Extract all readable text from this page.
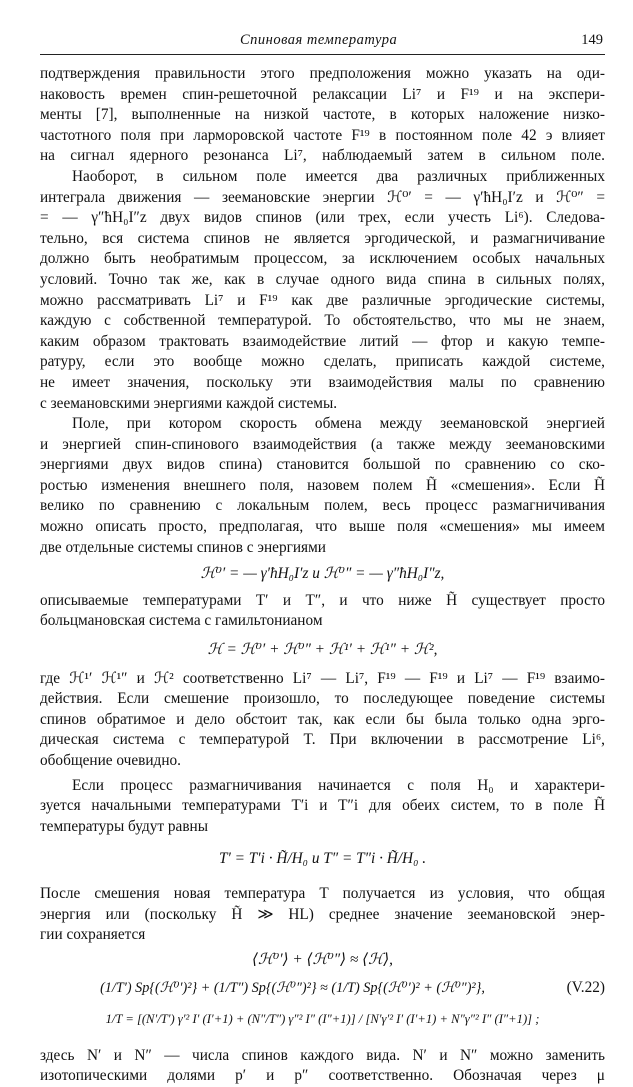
Спиновая температура	149
подтверждения правильности этого предположения можно указать на оди-
наковость времен спин-решеточной релаксации Li⁷ и F¹⁹ и на экспери-
менты [7], выполненные на низкой частоте, в которых наложение низко-
частотного поля при ларморовской частоте F¹⁹ в постоянном поле 42 э влияет
на сигнал ядерного резонанса Li⁷, наблюдаемый затем в сильном поле.
Наоборот, в сильном поле имеется два различных приближенных
интеграла движения — зеемановские энергии ℋ⁰′ = — γ′ħH₀I′z и ℋ⁰″ =
= — γ″ħH₀I″z двух видов спинов (или трех, если учесть Li⁶). Следова-
тельно, вся система спинов не является эргодической, и размагничивание
должно быть необратимым процессом, за исключением особых начальных
условий. Точно так же, как в случае одного вида спина в сильных полях,
можно рассматривать Li⁷ и F¹⁹ как две различные эргодические системы,
каждую с собственной температурой. То обстоятельство, что мы не знаем,
каким образом трактовать взаимодействие литий — фтор и какую темпе-
ратуру, если это вообще можно сделать, приписать каждой системе,
не имеет значения, поскольку эти взаимодействия малы по сравнению
с зеемановскими энергиями каждой системы.
Поле, при котором скорость обмена между зеемановской энергией
и энергией спин-спинового взаимодействия (а также между зеемановскими
энергиями двух видов спина) становится большой по сравнению со ско-
ростью изменения внешнего поля, назовем полем H̃ «смешения». Если H̃
велико по сравнению с локальным полем, весь процесс размагничивания
можно описать просто, предполагая, что выше поля «смешения» мы имеем
две отдельные системы спинов с энергиями
ℋ⁰′ = — γ′ħH₀I′z и ℋ⁰″ = — γ″ħH₀I″z,
описываемые температурами T′ и T″, и что ниже H̃ существует просто
больцмановская система с гамильтонианом
ℋ = ℋ⁰′ + ℋ⁰″ + ℋ¹′ + ℋ¹″ + ℋ²,
где ℋ¹′ ℋ¹″ и ℋ² соответственно Li⁷ — Li⁷, F¹⁹ — F¹⁹ и Li⁷ — F¹⁹ взаимо-
действия. Если смешение произошло, то последующее поведение системы
спинов обратимое и дело обстоит так, как если бы была только одна эрго-
дическая система с температурой T. При включении в рассмотрение Li⁶,
обобщение очевидно.
Если процесс размагничивания начинается с поля H₀ и характери-
зуется начальными температурами T′i и T″i для обеих систем, то в поле H̃
температуры будут равны
T′ = T′i · H̃/H₀ и T″ = T″i · H̃/H₀ .
После смешения новая температура T получается из условия, что общая
энергия или (поскольку H̃ ≫ HL) среднее значение зеемановской энер-
гии сохраняется
⟨ℋ⁰′⟩ + ⟨ℋ⁰″⟩ ≈ ⟨ℋ⟩,
(1/T′) Sp{(ℋ⁰′)²} + (1/T″) Sp{(ℋ⁰″)²} ≈ (1/T) Sp{(ℋ⁰′)² + (ℋ⁰″)²},	(V.22)
1/T = [(N′/T′) γ′² I′ (I′+1) + (N″/T″) γ″² I″ (I″+1)] / [N′γ′² I′ (I′+1) + N″γ″² I″ (I″+1)] ;
здесь N′ и N″ — числа спинов каждого вида. N′ и N″ можно заменить
изотопическими долями p′ и p″ соответственно. Обозначая через μ
